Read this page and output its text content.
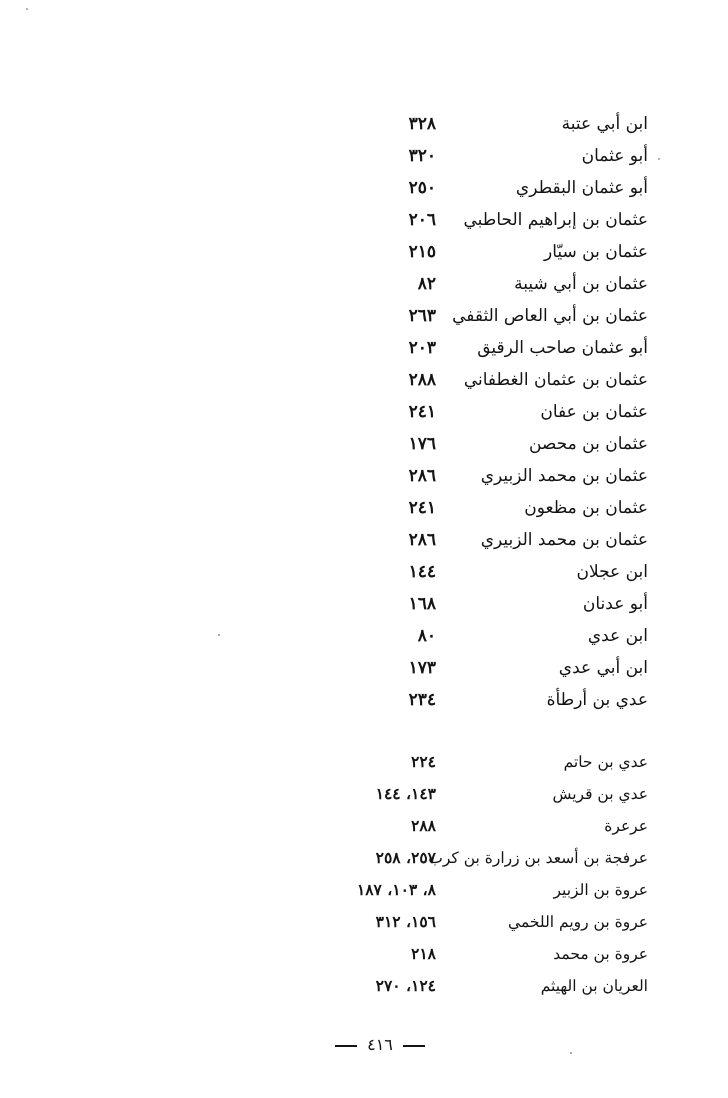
ابن أبي عتبة
٣٢٨
أبو عثمان
٣٢٠
أبو عثمان البقطري
٢٥٠
عثمان بن إبراهيم الحاطبي
٢٠٦
عثمان بن سيّار
٢١٥
عثمان بن أبي شيبة
٨٢
عثمان بن أبي العاص الثقفي
٢٦٣
أبو عثمان صاحب الرقيق
٢٠٣
عثمان بن عثمان الغطفاني
٢٨٨
عثمان بن عفان
٢٤١
عثمان بن محصن
١٧٦
عثمان بن محمد الزبيري
٢٨٦
عثمان بن مظعون
٢٤١
عثمان بن محمد الزبيري
٢٨٦
ابن عجلان
١٤٤
أبو عدنان
١٦٨
ابن عدي
٨٠
ابن أبي عدي
١٧٣
عدي بن أرطأة
٢٣٤
عدي بن حاتم
٢٢٤
عدي بن قريش
١٤٣، ١٤٤
عرعرة
٢٨٨
عرفجة بن أسعد بن زرارة بن كرب
٢٥٧، ٢٥٨
عروة بن الزبير
٨، ١٠٣، ١٨٧
عروة بن رويم اللخمي
١٥٦، ٣١٢
عروة بن محمد
٢١٨
العريان بن الهيثم
١٢٤، ٢٧٠
٤١٦
